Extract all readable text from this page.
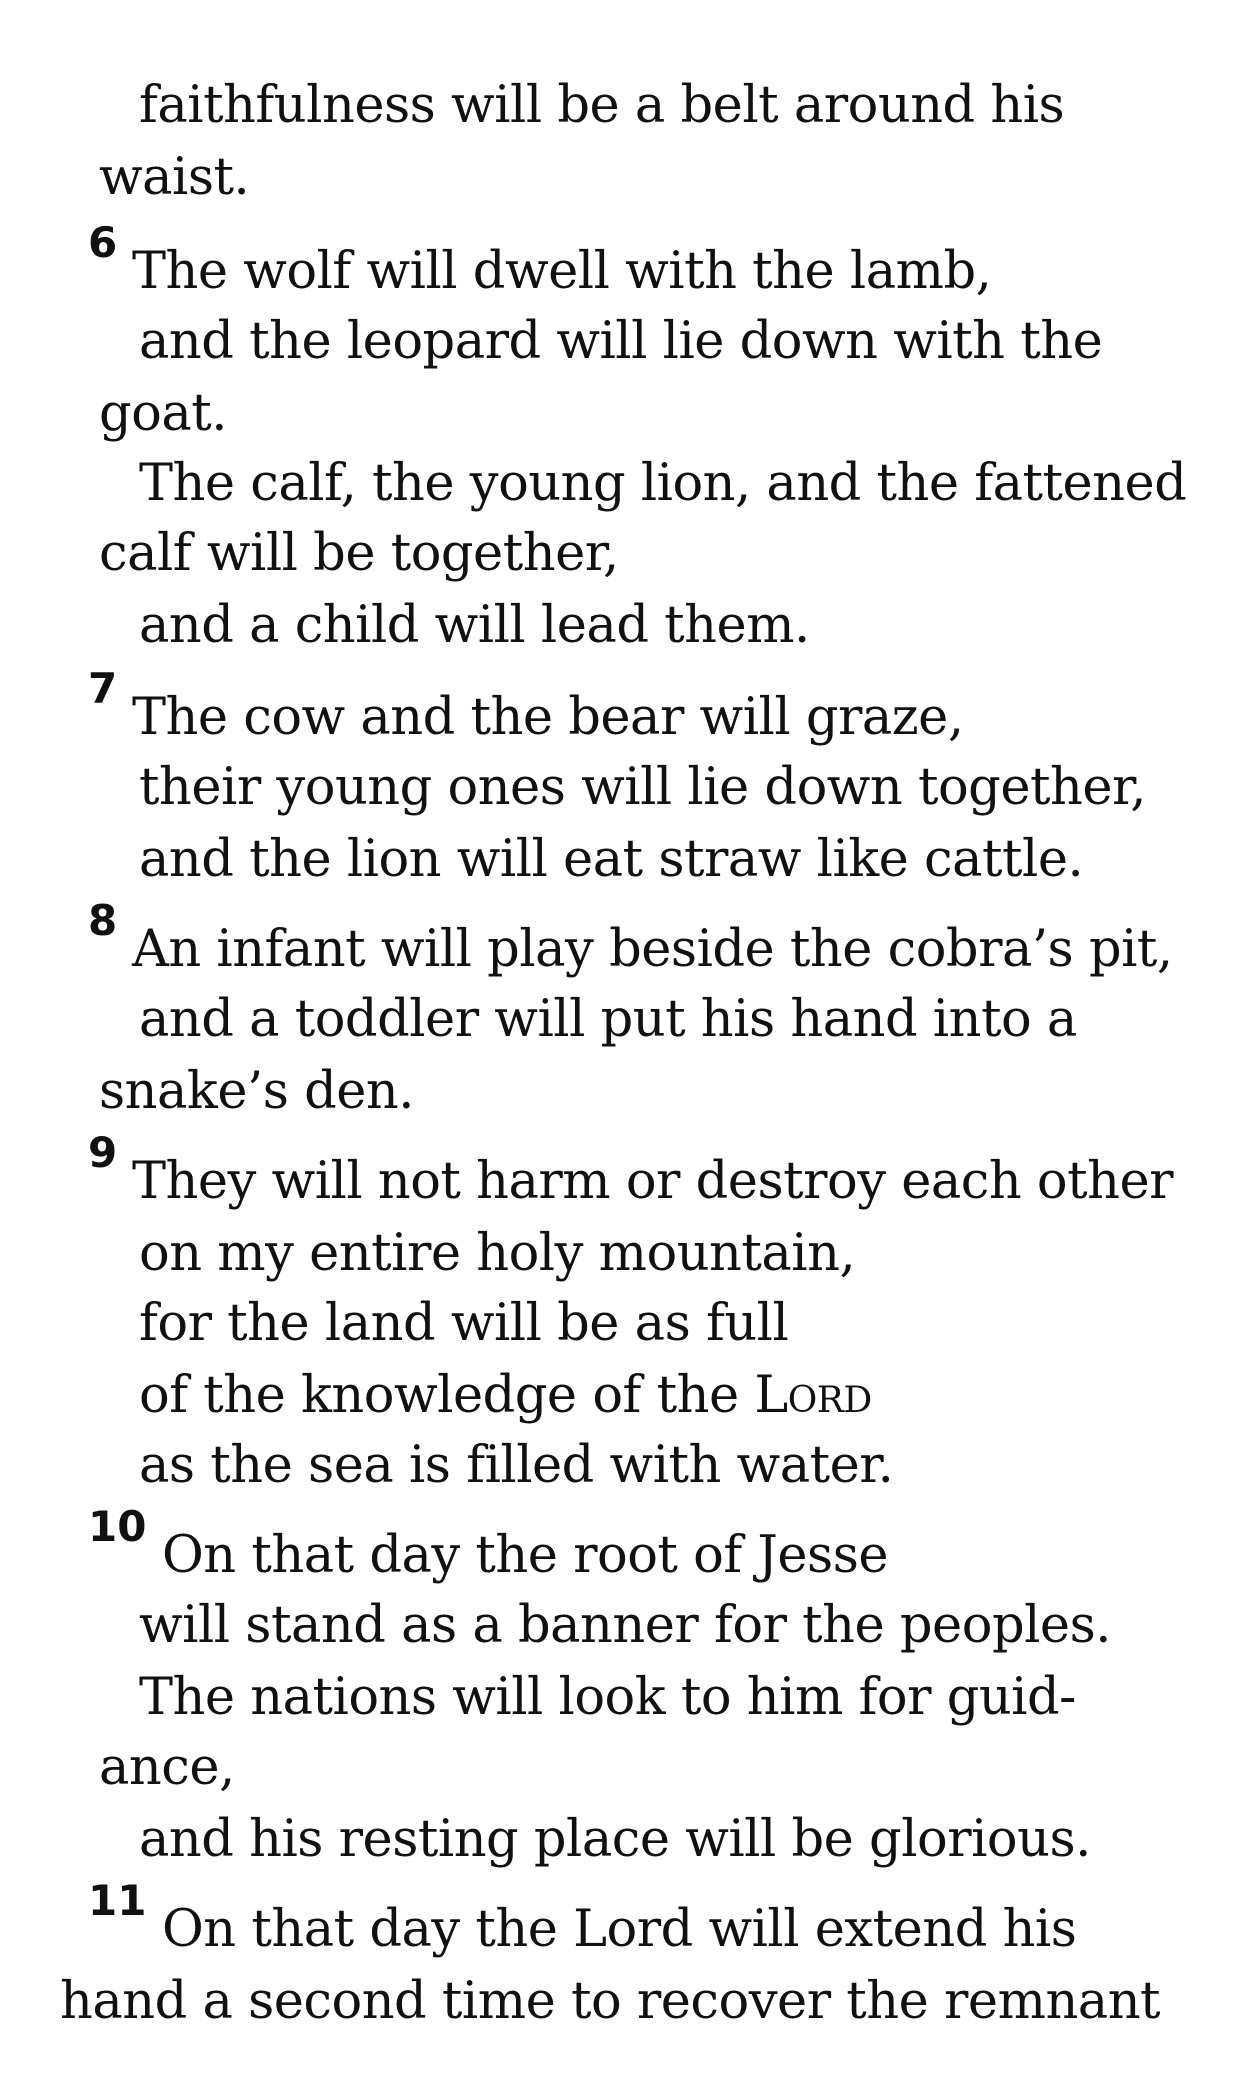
faithfulness will be a belt around his
waist.
6 The wolf will dwell with the lamb,
and the leopard will lie down with the
goat.
The calf, the young lion, and the fattened
calf will be together,
and a child will lead them.
7 The cow and the bear will graze,
their young ones will lie down together,
and the lion will eat straw like cattle.
8 An infant will play beside the cobra’s pit,
and a toddler will put his hand into a
snake’s den.
9 They will not harm or destroy each other
on my entire holy mountain,
for the land will be as full
of the knowledge of the Lord
as the sea is filled with water.
10 On that day the root of Jesse
will stand as a banner for the peoples.
The nations will look to him for guid-
ance,
and his resting place will be glorious.
11 On that day the Lord will extend his
hand a second time to recover the remnant
